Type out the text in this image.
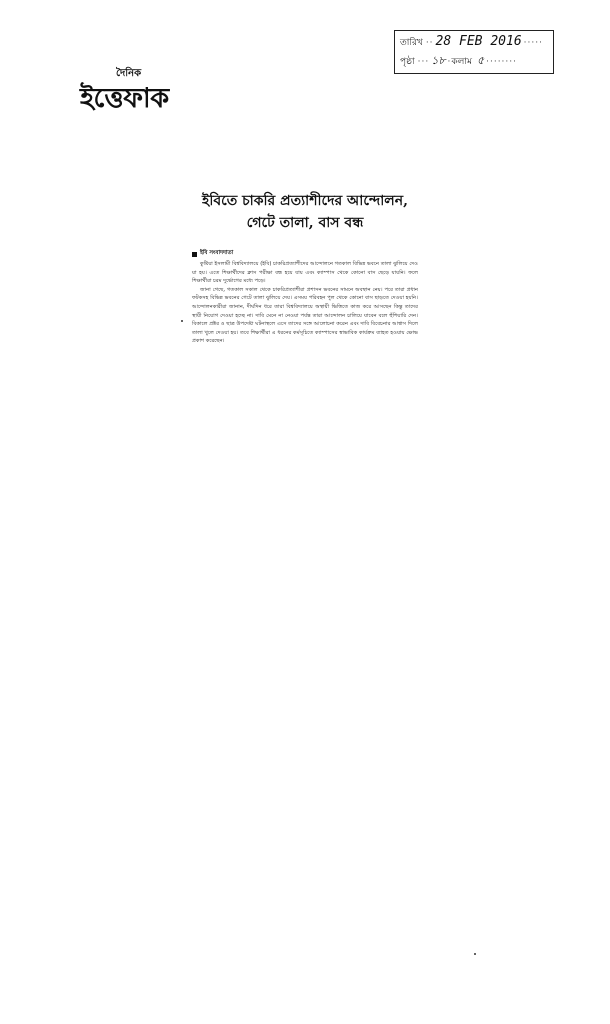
তারিখ ·· 28 FEB 2016 ·····
পৃষ্ঠা ··· ১৮ · কলাম ৫ ········
দৈনিক
ইত্তেফাক
ইবিতে চাকরি প্রত্যাশীদের আন্দোলন,
গেটে তালা, বাস বন্ধ
ইবি সংবাদদাতা

কুষ্টিয়া ইসলামী বিশ্ববিদ্যালয়ে (ইবি) চাকরিপ্রত্যাশীদের আন্দোলনে গতকাল বিভিন্ন ভবনে তালা ঝুলিয়ে দেওয়া হয়। এতে শিক্ষার্থীদের ক্লাস পরীক্ষা বন্ধ হয়ে যায় এবং ক্যাম্পাস থেকে কোনো বাস ছেড়ে যায়নি। ফলে শিক্ষার্থীরা চরম দুর্ভোগের মধ্যে পড়ে।

জানা গেছে, গতকাল সকাল থেকে চাকরিপ্রত্যাশীরা প্রশাসন ভবনের সামনে অবস্থান নেয়। পরে তারা প্রধান ফটকসহ বিভিন্ন ভবনের গেটে তালা ঝুলিয়ে দেয়। এসময় পরিবহন পুল থেকে কোনো বাস ছাড়তে দেওয়া হয়নি। আন্দোলনকারীরা জানান, দীর্ঘদিন ধরে তারা বিশ্ববিদ্যালয়ে অস্থায়ী ভিত্তিতে কাজ করে আসছেন কিন্তু তাদের স্থায়ী নিয়োগ দেওয়া হচ্ছে না। দাবি মেনে না নেওয়া পর্যন্ত তারা আন্দোলন চালিয়ে যাবেন বলে হুঁশিয়ারি দেন। বিকালে প্রক্টর ও ছাত্র উপদেষ্টা ঘটনাস্থলে এসে তাদের সঙ্গে আলোচনা করেন এবং দাবি বিবেচনার আশ্বাস দিলে তালা খুলে দেওয়া হয়। তবে শিক্ষার্থীরা এ ধরনের কর্মসূচিতে ক্যাম্পাসের স্বাভাবিক কার্যক্রম ব্যাহত হওয়ায় ক্ষোভ প্রকাশ করেছেন।
